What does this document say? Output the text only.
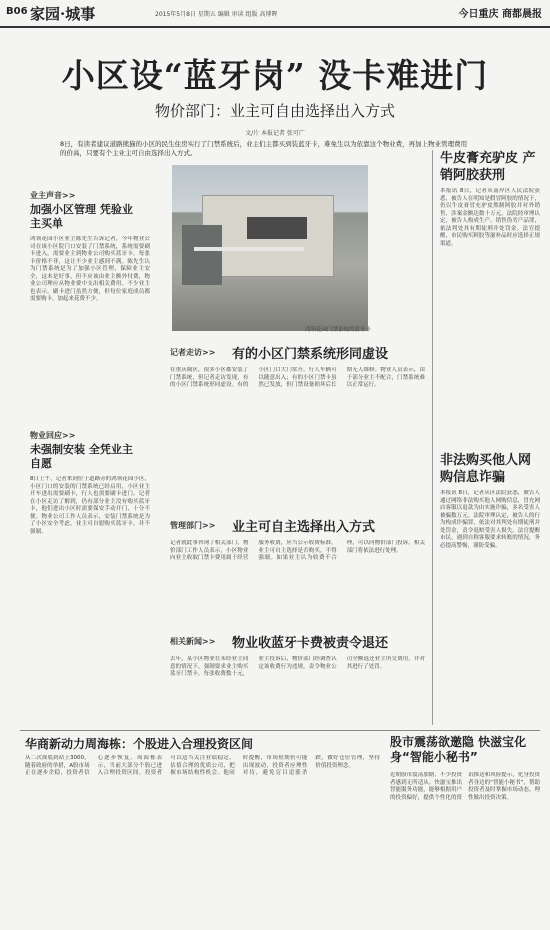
B06 家园·城事	2015年5月8日 星期五 编辑 审读 组版 高博晖	今日重庆 商都晨报
小区设“蓝牙岗” 没卡难进门
物价部门：业主可自由选择出入方式
文/片 本报记者 张可广
8日，有读者建议道路熊猫的小区的民生住房实行了门禁系统后，业主们主都买到装蓝牙卡，难免生以为依靠这个物业费，再加上物业管理费用的价高，只要有个主业主可自由选择出入方式。
业主声音>>
加强小区管理 凭验业主买单
鸿领花园小区业主陈先生告诉记者，今年物业公司在该小区院门口安装了门禁系统，系统需要刷卡进入，需要业主到物业公司购买蓝牙卡，每张卡价格不菲，这让不少业主感到不满。陈先生认为门禁系统是为了加强小区管理，保障业主安全，这本是好事，但不应该由业主额外付费，物业公司理应从物业费中支出相关费用。不少业主也表示，刷卡进门虽然方便，但每位家庭成员都需要购卡，加起来花费不少。
物业回应>>
未强制安装 全凭业主自愿
8日上午，记者来到位于道路旁的鸿领花园小区，小区门口的安装的门禁系统已经启用，小区业主开车进出需要刷卡，行人也需要刷卡进门。记者在小区走访了解到，仍有部分业主没有购买蓝牙卡，他们进出小区时需要保安手动开门，十分不便。物业公司工作人员表示，安装门禁系统是为了小区安全考虑，业主可自愿购买蓝牙卡，并不强制。
鸿领花园门禁系统的蓝牙卡
记者走访>> 有的小区门禁系统形同虚设
在重庆城区，很多小区都安装了门禁系统，但记者走访发现，有的小区门禁系统形同虚设。有的小区门口大门常开，行人车辆可以随意出入；有的小区门禁卡虽然已发放，但门禁设备损坏后长期无人维修。物业人员表示，由于部分业主不配合，门禁系统难以正常运行。
管理部门>> 业主可自主选择出入方式
记者就此事咨询了相关部门，物价部门工作人员表示，小区物业向业主收取门禁卡费用属于经营服务收费，应当公示收费标准，业主可自主选择是否购买，不得强制。如果业主认为收费不合理，可以向物价部门投诉，相关部门将依法进行处理。
相关新闻>> 物业收蓝牙卡费被责令退还
去年，某小区物业在未经业主同意的情况下，强制要求业主购买蓝牙门禁卡，每张收费数十元，业主投诉后，物价部门经调查认定该收费行为违规，责令物业公司全额退还业主所交费用，并对其进行了处罚。
牛皮膏充驴皮 产销阿胶获刑
本报讯 8日，记者从南岸区人民法院获悉，被告人在明知是假冒阿胶的情况下，仍以牛皮膏冒充驴皮熬制阿胶并对外销售，涉案金额达数十万元。法院经审理认定，被告人构成生产、销售伪劣产品罪，依法判处其有期徒刑并处罚金。法官提醒，市民购买阿胶等滋补品时应选择正规渠道。
非法购买他人网购信息诈骗
本报讯 8日，记者从区法院获悉，被告人通过网络非法购买他人网购信息，冒充网店客服以退款为由实施诈骗，多名受害人被骗数万元。法院审理认定，被告人的行为构成诈骗罪，依法对其判处有期徒刑并处罚金，责令退赔受害人损失。法官提醒市民，遇到自称客服要求转账的情况，务必提高警惕，谨防受骗。
华商新动力周海栋：个股进入合理投资区间
从二次探底到站上3000，随着政府的举措，A股市场正在逐步企稳，投资者信心逐步恢复。周海栋表示，当前大部分个股已进入合理投资区间，投资者可以适当关注业绩稳定、估值合理的优质公司，把握市场结构性机会。他同时提醒，市场短期仍可能出现波动，投资者应理性对待，避免盲目追涨杀跌，做好仓位管理，坚持价值投资理念。
股市震荡欲邀隐 快滋宝化身“智能小秘书”
近期股市震荡加剧，不少投资者感到无所适从。快滋宝推出智能服务功能，能够根据用户的投资偏好，提供个性化的资讯推送和风险提示，化身投资者身边的“智能小秘书”，帮助投资者及时掌握市场动态，理性做出投资决策。
